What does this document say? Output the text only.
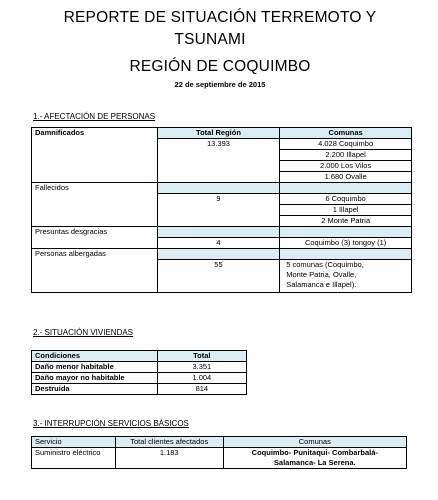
REPORTE DE SITUACIÓN TERREMOTO Y
TSUNAMI
REGIÓN DE COQUIMBO
22 de septiembre de 2015
1.- AFECTACIÓN DE PERSONAS
Damnificados	Total Región	Comunas
	13.393	4.028 Coquimbo
		2.200 Illapel
		2.000 Los Vilos
		1.680 Ovalle
Fallecidos		
	9	6 Coquimbo
		1 Illapel
		2 Monte Patria
Presuntas desgracias		
	4	Coquimbo (3) tongoy (1)
Personas albergadas		
	55	5 comunas (Coquimbo,
Monte Patria, Ovalle,
Salamanca e Illapel).
2.- SITUACIÓN VIVIENDAS
Condiciones	Total
Daño menor habitable	3.351
Daño mayor no habitable	1.004
Destruida	814
3.- INTERRUPCIÓN SERVICIOS BÁSICOS
Servicio	Total clientes afectados	Comunas
Suministro eléctrico	1.183	Coquimbo- Punitaqui- Combarbalá-
Salamanca- La Serena.
